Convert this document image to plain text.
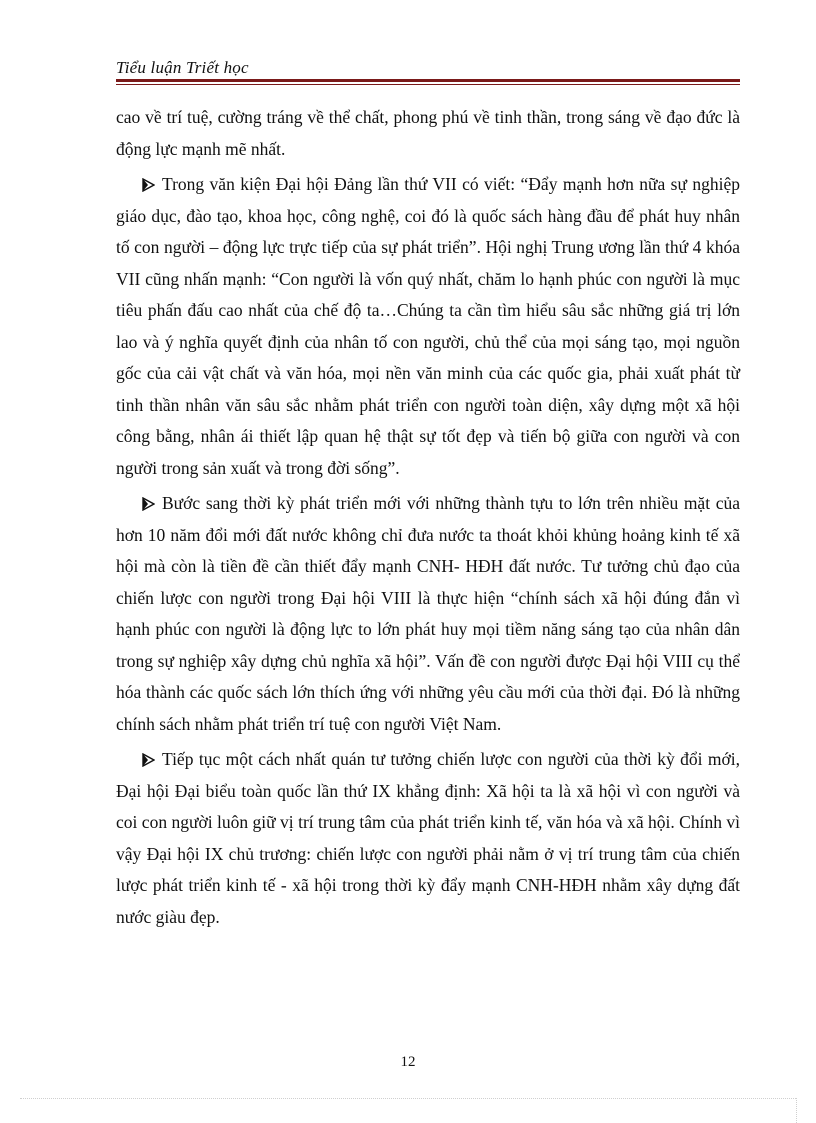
Tiểu luận Triết học

cao về trí tuệ, cường tráng về thể chất, phong phú về tinh thần, trong sáng về đạo đức là động lực mạnh mẽ nhất.

Trong văn kiện Đại hội Đảng lần thứ VII có viết: “Đẩy mạnh hơn nữa sự nghiệp giáo dục, đào tạo, khoa học, công nghệ, coi đó là quốc sách hàng đầu để phát huy nhân tố con người – động lực trực tiếp của sự phát triển”. Hội nghị Trung ương lần thứ 4 khóa VII cũng nhấn mạnh: “Con người là vốn quý nhất, chăm lo hạnh phúc con người là mục tiêu phấn đấu cao nhất của chế độ ta…Chúng ta cần tìm hiểu sâu sắc những giá trị lớn lao và ý nghĩa quyết định của nhân tố con người, chủ thể của mọi sáng tạo, mọi nguồn gốc của cải vật chất và văn hóa, mọi nền văn minh của các quốc gia, phải xuất phát từ tinh thần nhân văn sâu sắc nhằm phát triển con người toàn diện, xây dựng một xã hội công bằng, nhân ái thiết lập quan hệ thật sự tốt đẹp và tiến bộ giữa con người và con người trong sản xuất và trong đời sống”.

Bước sang thời kỳ phát triển mới với những thành tựu to lớn trên nhiều mặt của hơn 10 năm đổi mới đất nước không chỉ đưa nước ta thoát khỏi khủng hoảng kinh tế xã hội mà còn là tiền đề cần thiết đẩy mạnh CNH- HĐH đất nước. Tư tưởng chủ đạo của chiến lược con người trong Đại hội VIII là thực hiện “chính sách xã hội đúng đắn vì hạnh phúc con người là động lực to lớn phát huy mọi tiềm năng sáng tạo của nhân dân trong sự nghiệp xây dựng chủ nghĩa xã hội”. Vấn đề con người được Đại hội VIII cụ thể hóa thành các quốc sách lớn thích ứng với những yêu cầu mới của thời đại. Đó là những chính sách nhằm phát triển trí tuệ con người Việt Nam.

Tiếp tục một cách nhất quán tư tưởng chiến lược con người của thời kỳ đổi mới, Đại hội Đại biểu toàn quốc lần thứ IX khẳng định: Xã hội ta là xã hội vì con người và coi con người luôn giữ vị trí trung tâm của phát triển kinh tế, văn hóa và xã hội. Chính vì vậy Đại hội IX chủ trương: chiến lược con người phải nằm ở vị trí trung tâm của chiến lược phát triển kinh tế - xã hội trong thời kỳ đẩy mạnh CNH-HĐH nhằm xây dựng đất nước giàu đẹp.

12
